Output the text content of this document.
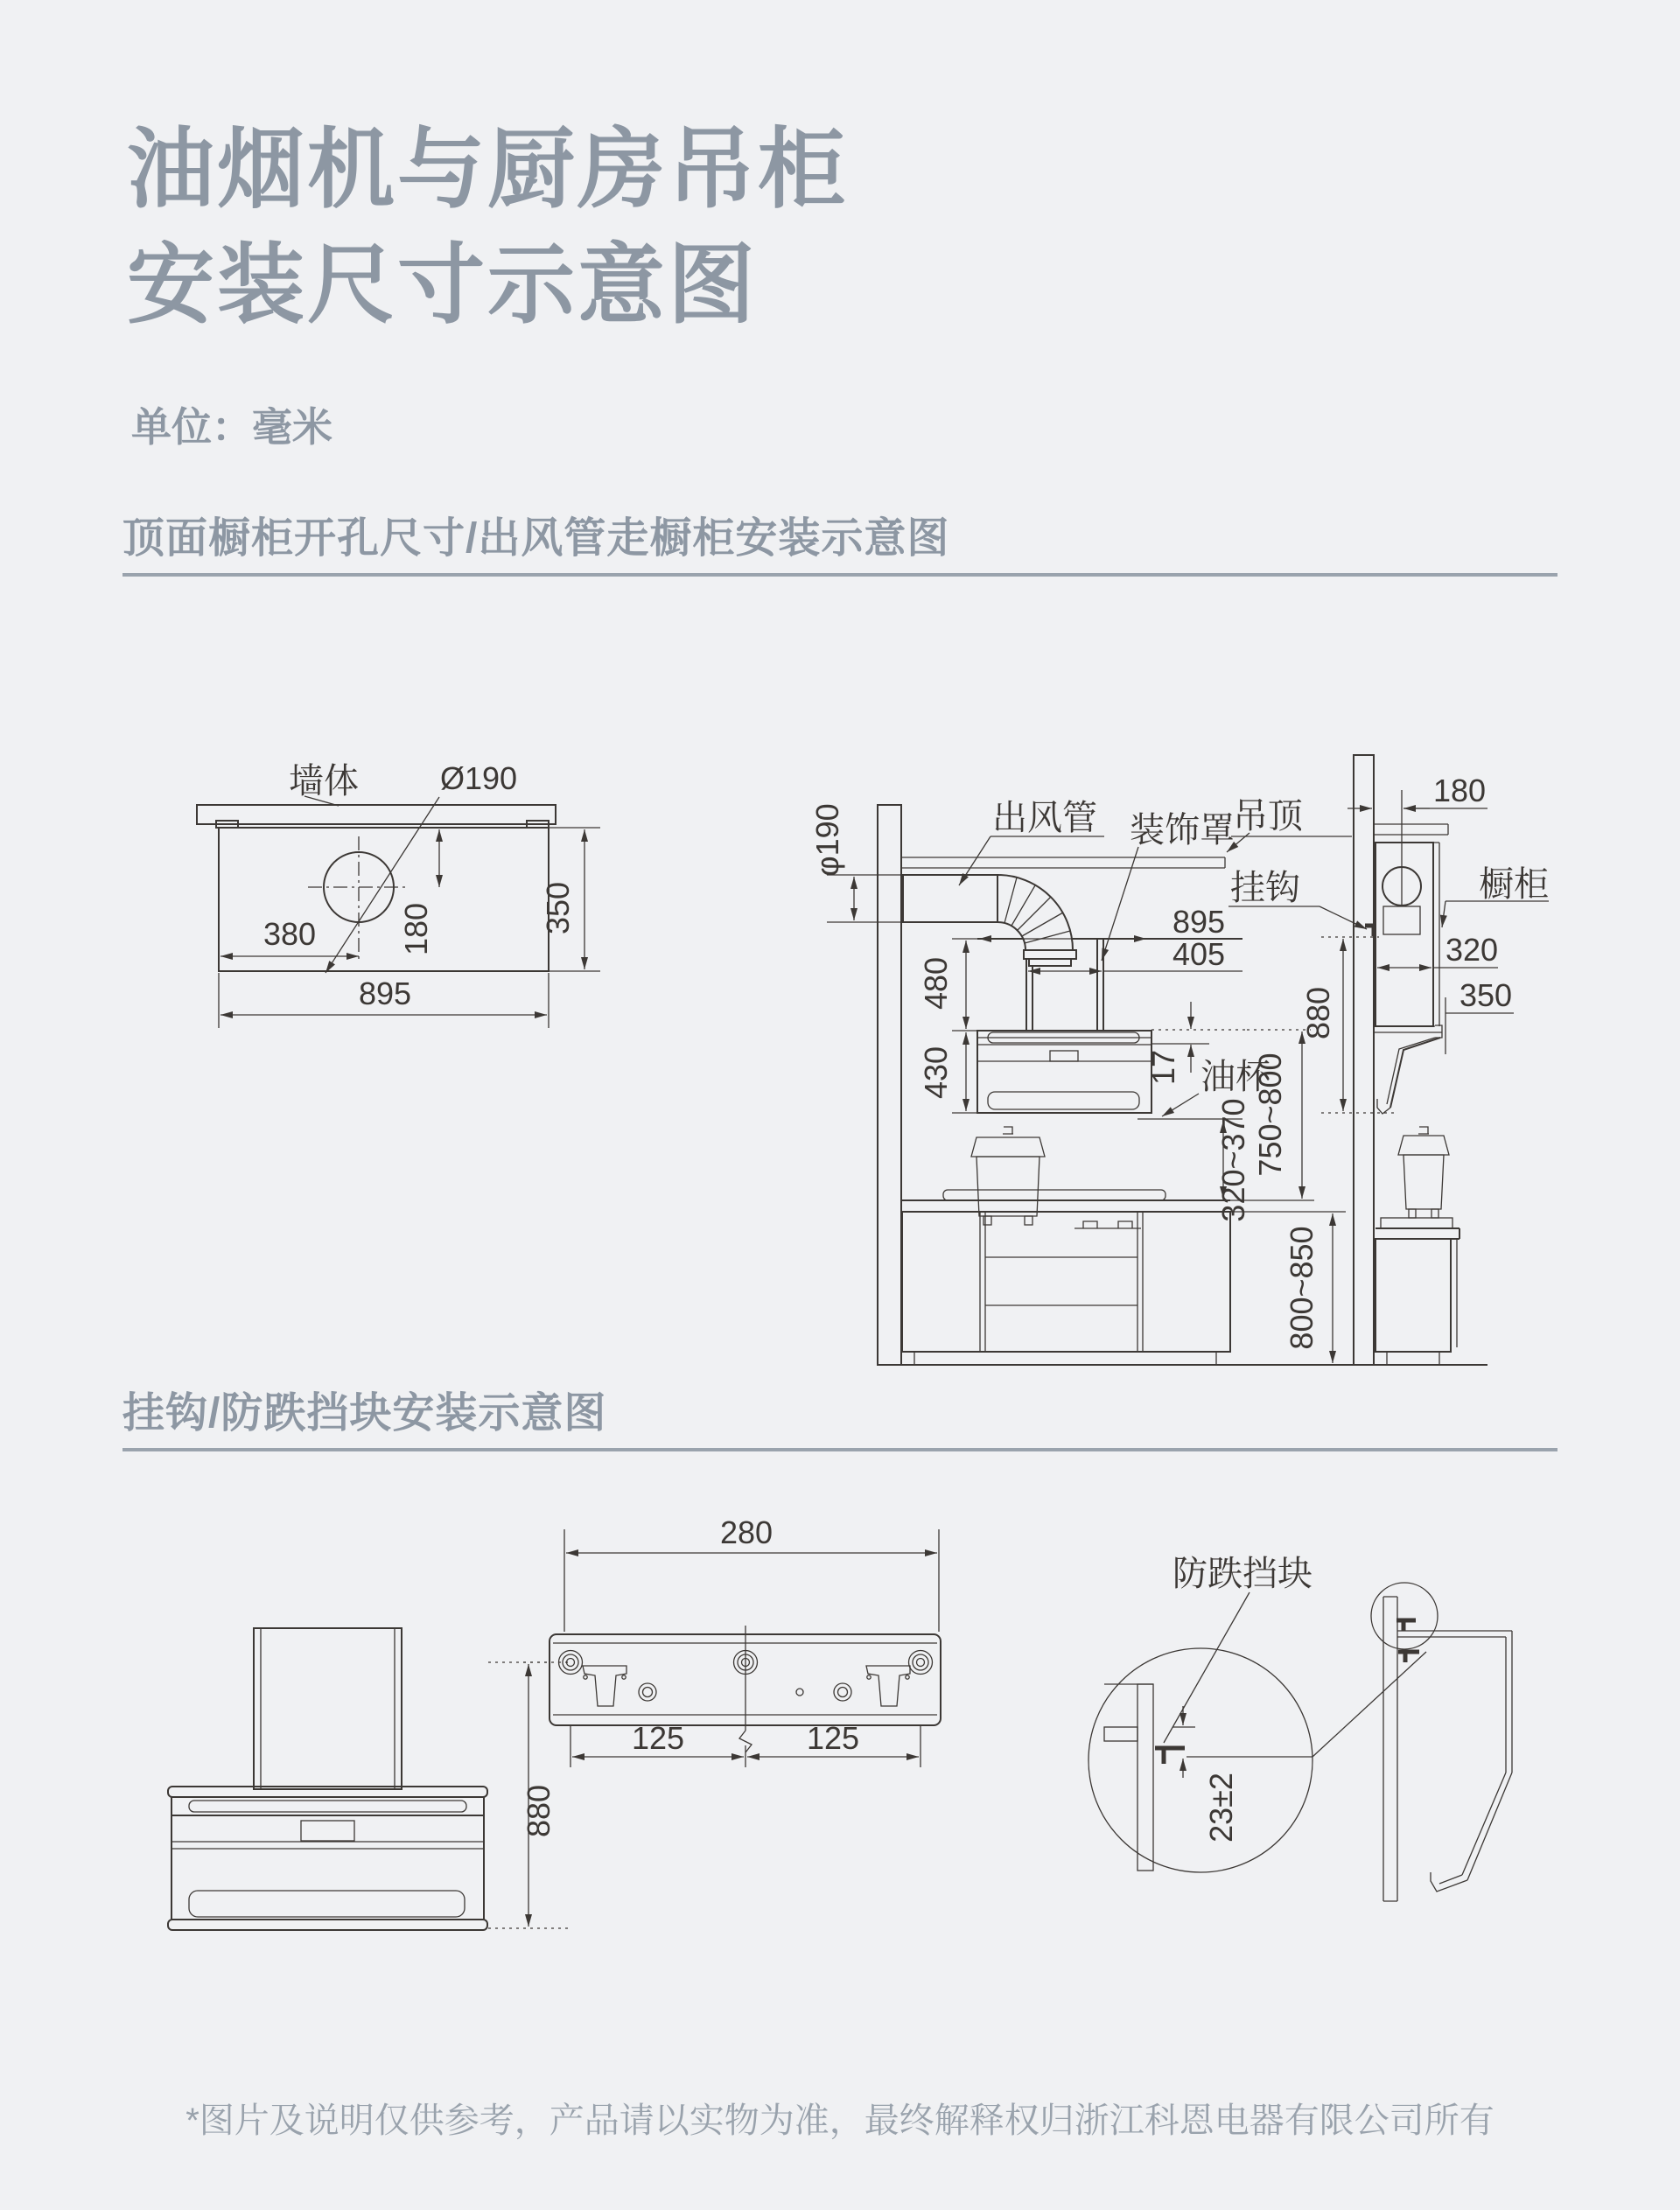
油烟机与厨房吊柜
安装尺寸示意图
单位：毫米
顶面橱柜开孔尺寸/出风管走橱柜安装示意图
墙体	Ø190
380	180	350
895
出风管 装饰罩
吊顶
φ190
895
405
480
430	17 油杯
320~370 750~800
800~850
180
挂钩	橱柜
880
320
350
挂钩/防跌挡块安装示意图
880
280
125	125
防跌挡块
23±2
*图片及说明仅供参考，产品请以实物为准，最终解释权归浙江科恩电器有限公司所有
